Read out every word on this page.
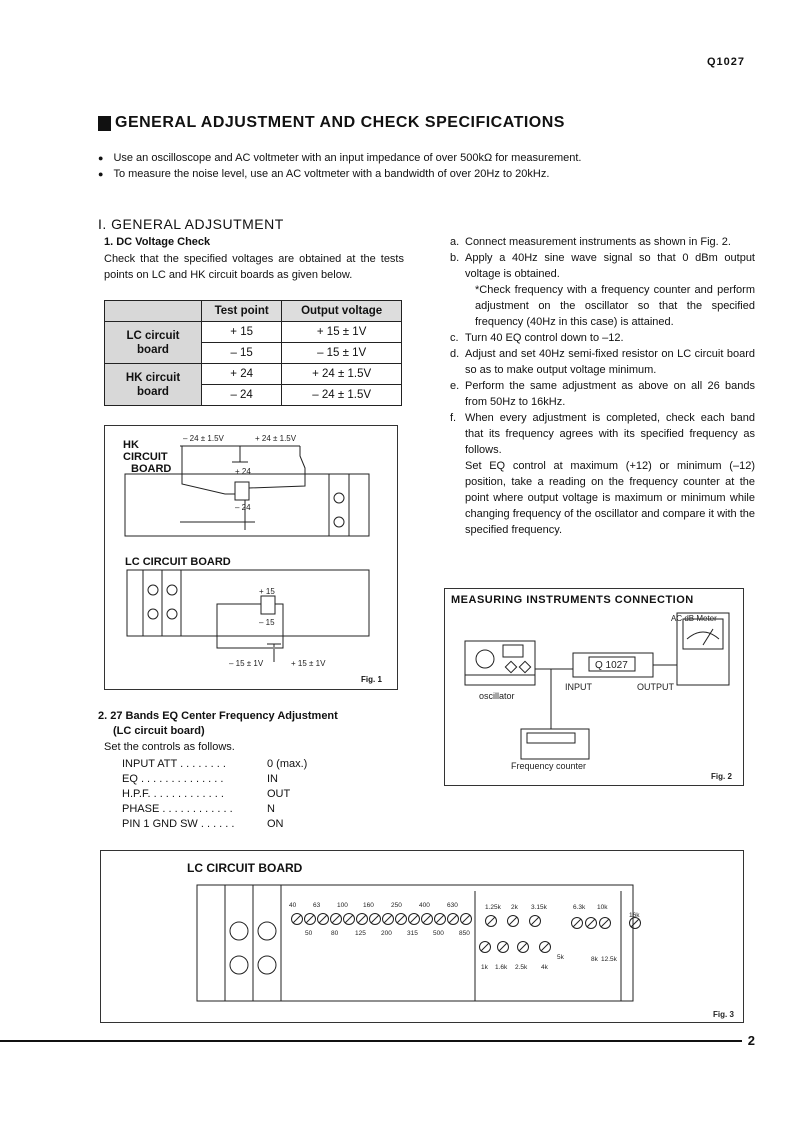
Q1027
GENERAL ADJUSTMENT AND CHECK SPECIFICATIONS
● Use an oscilloscope and AC voltmeter with an input impedance of over 500kΩ for measurement.
● To measure the noise level, use an AC voltmeter with a bandwidth of over 20Hz to 20kHz.
I. GENERAL ADJSUTMENT
1. DC Voltage Check
Check that the specified voltages are obtained at the tests points on LC and HK circuit boards as given below.
	Test point	Output voltage
LC circuit
board	+ 15	+ 15 ± 1V
	– 15	– 15 ± 1V
HK circuit
board	+ 24	+ 24 ± 1.5V
	– 24	– 24 ± 1.5V
– 24 ± 1.5V	+ 24 ± 1.5V
+ 24
– 24
+ 15
– 15
– 15 ± 1V	+ 15 ± 1V
HK
CIRCUIT
BOARD
LC CIRCUIT BOARD
Fig. 1
2. 27 Bands EQ Center Frequency Adjustment
(LC circuit board)
Set the controls as follows.
INPUT ATT . . . . . . . .	0 (max.)
EQ . . . . . . . . . . . . . .	IN
H.P.F. . . . . . . . . . . . .	OUT
PHASE . . . . . . . . . . . .	N
PIN 1 GND SW . . . . . .	ON
a. Connect measurement instruments as shown in Fig. 2.
b. Apply a 40Hz sine wave signal so that 0 dBm output voltage is obtained.
*Check frequency with a frequency counter and perform adjustment on the oscillator so that the specified frequency (40Hz in this case) is attained.
c. Turn 40 EQ control down to –12.
d. Adjust and set 40Hz semi-fixed resistor on LC circuit board so as to make output voltage minimum.
e. Perform the same adjustment as above on all 26 bands from 50Hz to 16kHz.
f. When every adjustment is completed, check each band that its frequency agrees with its specified frequency as follows.
Set EQ control at maximum (+12) or minimum (–12) position, take a reading on the frequency counter at the point where output voltage is maximum or minimum while changing frequency of the oscillator and compare it with the specified frequency.
MEASURING INSTRUMENTS CONNECTION
INPUT	OUTPUT
oscillator
Frequency counter
AC dB Meter
Q 1027
Fig. 2
LC CIRCUIT BOARD
40	63	100 160	250	400	630
50	80	125 200 315 500 850
1.25k 2k 3.15k	6.3k 10k
16k
5k	8k 12.5k
1k 1.6k 2.5k 4k
Fig. 3
2
